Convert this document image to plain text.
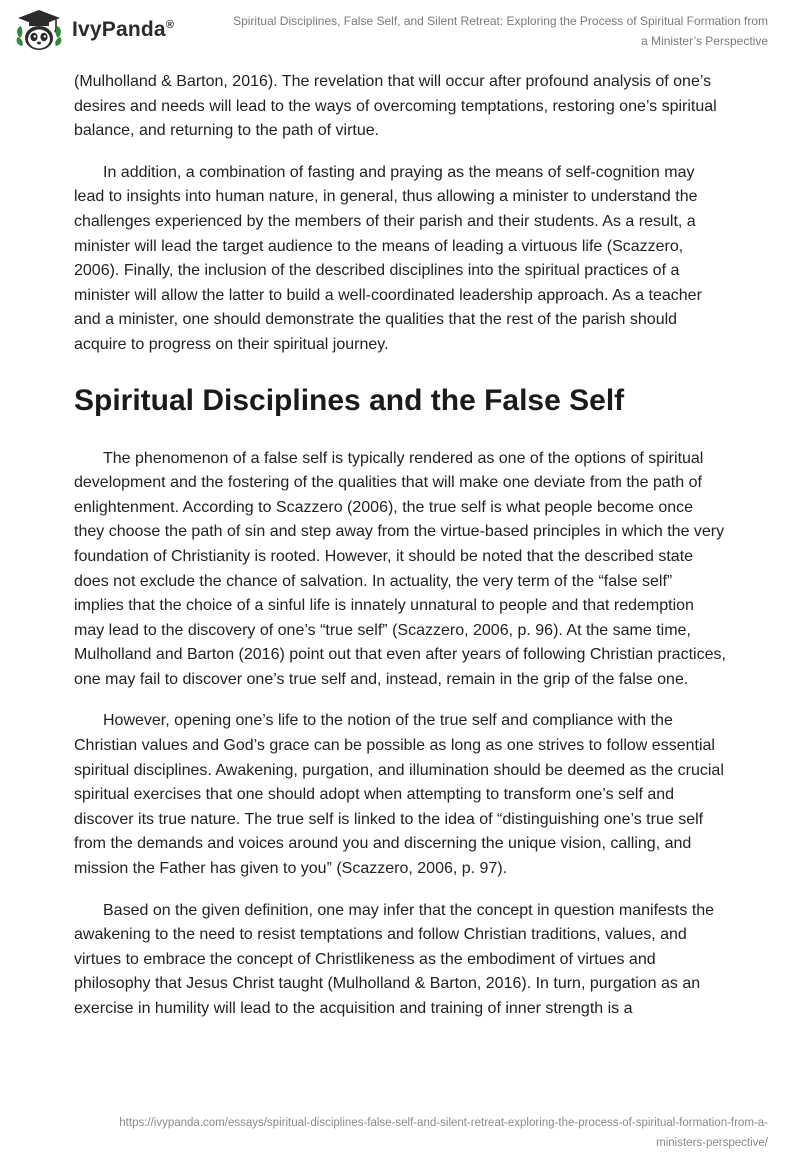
IvyPanda®	Spiritual Disciplines, False Self, and Silent Retreat: Exploring the Process of Spiritual Formation from
a Minister’s Perspective

(Mulholland & Barton, 2016). The revelation that will occur after profound analysis of one’s desires and needs will lead to the ways of overcoming temptations, restoring one’s spiritual balance, and returning to the path of virtue.

In addition, a combination of fasting and praying as the means of self-cognition may lead to insights into human nature, in general, thus allowing a minister to understand the challenges experienced by the members of their parish and their students. As a result, a minister will lead the target audience to the means of leading a virtuous life (Scazzero, 2006). Finally, the inclusion of the described disciplines into the spiritual practices of a minister will allow the latter to build a well-coordinated leadership approach. As a teacher and a minister, one should demonstrate the qualities that the rest of the parish should acquire to progress on their spiritual journey.

Spiritual Disciplines and the False Self

The phenomenon of a false self is typically rendered as one of the options of spiritual development and the fostering of the qualities that will make one deviate from the path of enlightenment. According to Scazzero (2006), the true self is what people become once they choose the path of sin and step away from the virtue-based principles in which the very foundation of Christianity is rooted. However, it should be noted that the described state does not exclude the chance of salvation. In actuality, the very term of the “false self” implies that the choice of a sinful life is innately unnatural to people and that redemption may lead to the discovery of one’s “true self” (Scazzero, 2006, p. 96). At the same time, Mulholland and Barton (2016) point out that even after years of following Christian practices, one may fail to discover one’s true self and, instead, remain in the grip of the false one.

However, opening one’s life to the notion of the true self and compliance with the Christian values and God’s grace can be possible as long as one strives to follow essential spiritual disciplines. Awakening, purgation, and illumination should be deemed as the crucial spiritual exercises that one should adopt when attempting to transform one’s self and discover its true nature. The true self is linked to the idea of “distinguishing one’s true self from the demands and voices around you and discerning the unique vision, calling, and mission the Father has given to you” (Scazzero, 2006, p. 97).

Based on the given definition, one may infer that the concept in question manifests the awakening to the need to resist temptations and follow Christian traditions, values, and virtues to embrace the concept of Christlikeness as the embodiment of virtues and philosophy that Jesus Christ taught (Mulholland & Barton, 2016). In turn, purgation as an exercise in humility will lead to the acquisition and training of inner strength is a

https://ivypanda.com/essays/spiritual-disciplines-false-self-and-silent-retreat-exploring-the-process-of-spiritual-formation-from-a-
ministers-perspective/
